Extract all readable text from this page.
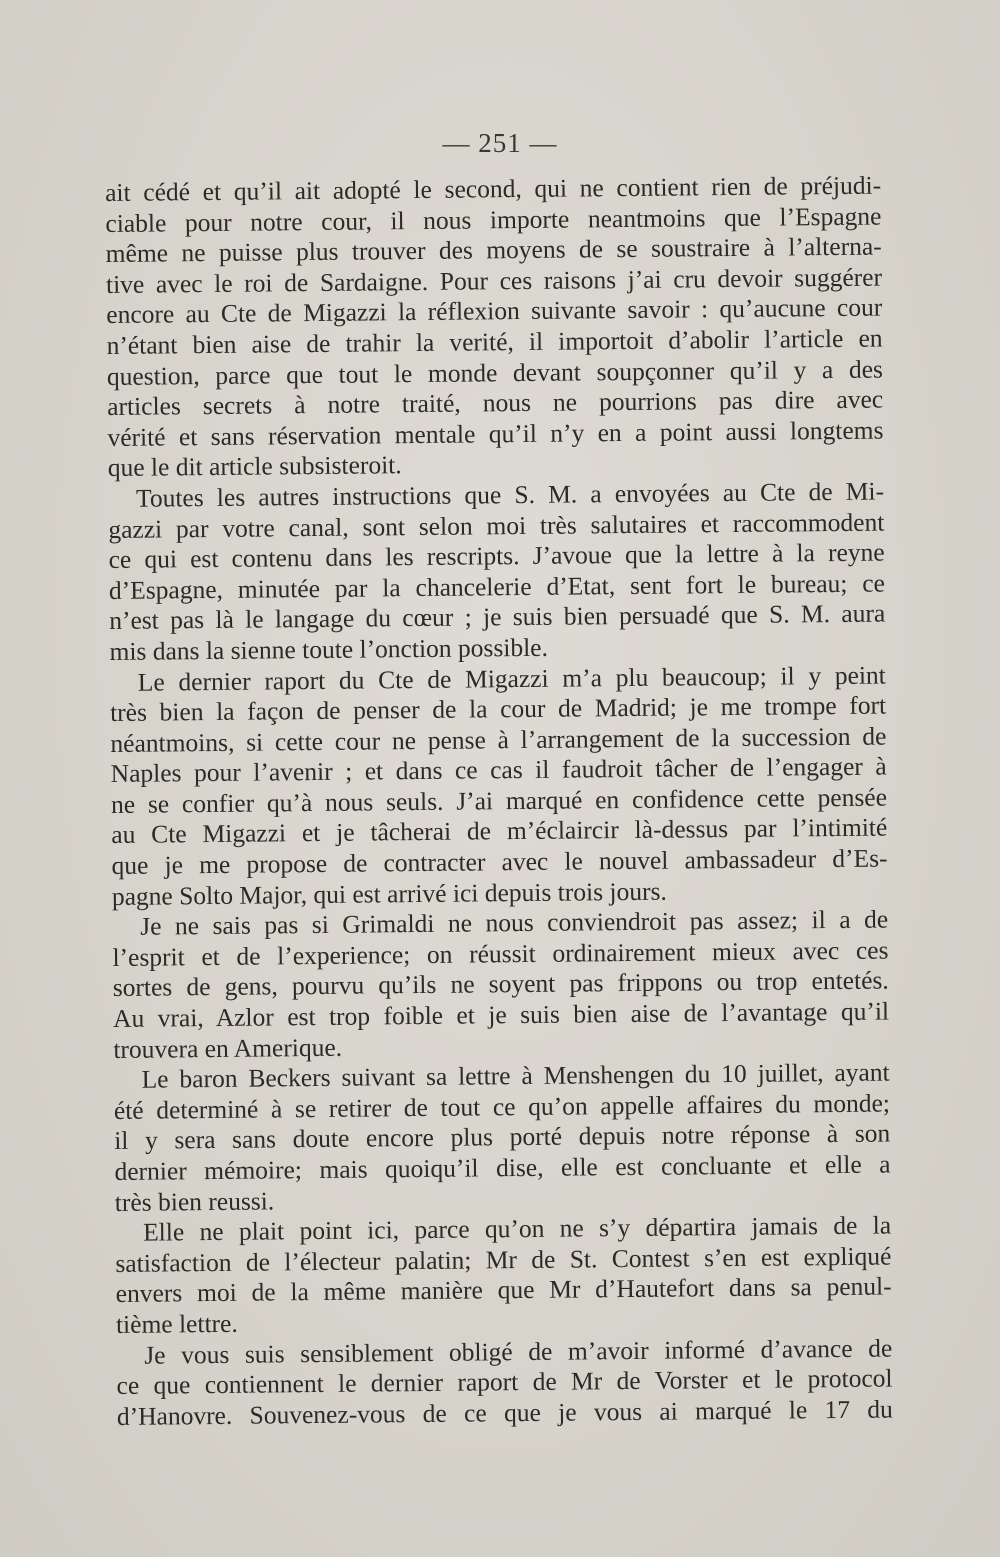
— 251 —

ait cédé et qu’il ait adopté le second, qui ne contient rien de préjudi-
ciable pour notre cour, il nous importe neantmoins que l’Espagne
même ne puisse plus trouver des moyens de se soustraire à l’alterna-
tive avec le roi de Sardaigne. Pour ces raisons j’ai cru devoir suggérer
encore au Cte de Migazzi la réflexion suivante savoir : qu’aucune cour
n’étant bien aise de trahir la verité, il importoit d’abolir l’article en
question, parce que tout le monde devant soupçonner qu’il y a des
articles secrets à notre traité, nous ne pourrions pas dire avec
vérité et sans réservation mentale qu’il n’y en a point aussi longtems
que le dit article subsisteroit.

Toutes les autres instructions que S. M. a envoyées au Cte de Mi-
gazzi par votre canal, sont selon moi très salutaires et raccommodent
ce qui est contenu dans les rescripts. J’avoue que la lettre à la reyne
d’Espagne, minutée par la chancelerie d’Etat, sent fort le bureau; ce
n’est pas là le langage du cœur ; je suis bien persuadé que S. M. aura
mis dans la sienne toute l’onction possible.

Le dernier raport du Cte de Migazzi m’a plu beaucoup; il y peint
très bien la façon de penser de la cour de Madrid; je me trompe fort
néantmoins, si cette cour ne pense à l’arrangement de la succession de
Naples pour l’avenir ; et dans ce cas il faudroit tâcher de l’engager à
ne se confier qu’à nous seuls. J’ai marqué en confidence cette pensée
au Cte Migazzi et je tâcherai de m’éclaircir là-dessus par l’intimité
que je me propose de contracter avec le nouvel ambassadeur d’Es-
pagne Solto Major, qui est arrivé ici depuis trois jours.

Je ne sais pas si Grimaldi ne nous conviendroit pas assez; il a de
l’esprit et de l’experience; on réussit ordinairement mieux avec ces
sortes de gens, pourvu qu’ils ne soyent pas frippons ou trop entetés.
Au vrai, Azlor est trop foible et je suis bien aise de l’avantage qu’il
trouvera en Amerique.

Le baron Beckers suivant sa lettre à Menshengen du 10 juillet, ayant
été determiné à se retirer de tout ce qu’on appelle affaires du monde;
il y sera sans doute encore plus porté depuis notre réponse à son
dernier mémoire; mais quoiqu’il dise, elle est concluante et elle a
très bien reussi.

Elle ne plait point ici, parce qu’on ne s’y départira jamais de la
satisfaction de l’électeur palatin; Mr de St. Contest s’en est expliqué
envers moi de la même manière que Mr d’Hautefort dans sa penul-
tième lettre.

Je vous suis sensiblement obligé de m’avoir informé d’avance de
ce que contiennent le dernier raport de Mr de Vorster et le protocol
d’Hanovre. Souvenez-vous de ce que je vous ai marqué le 17 du
